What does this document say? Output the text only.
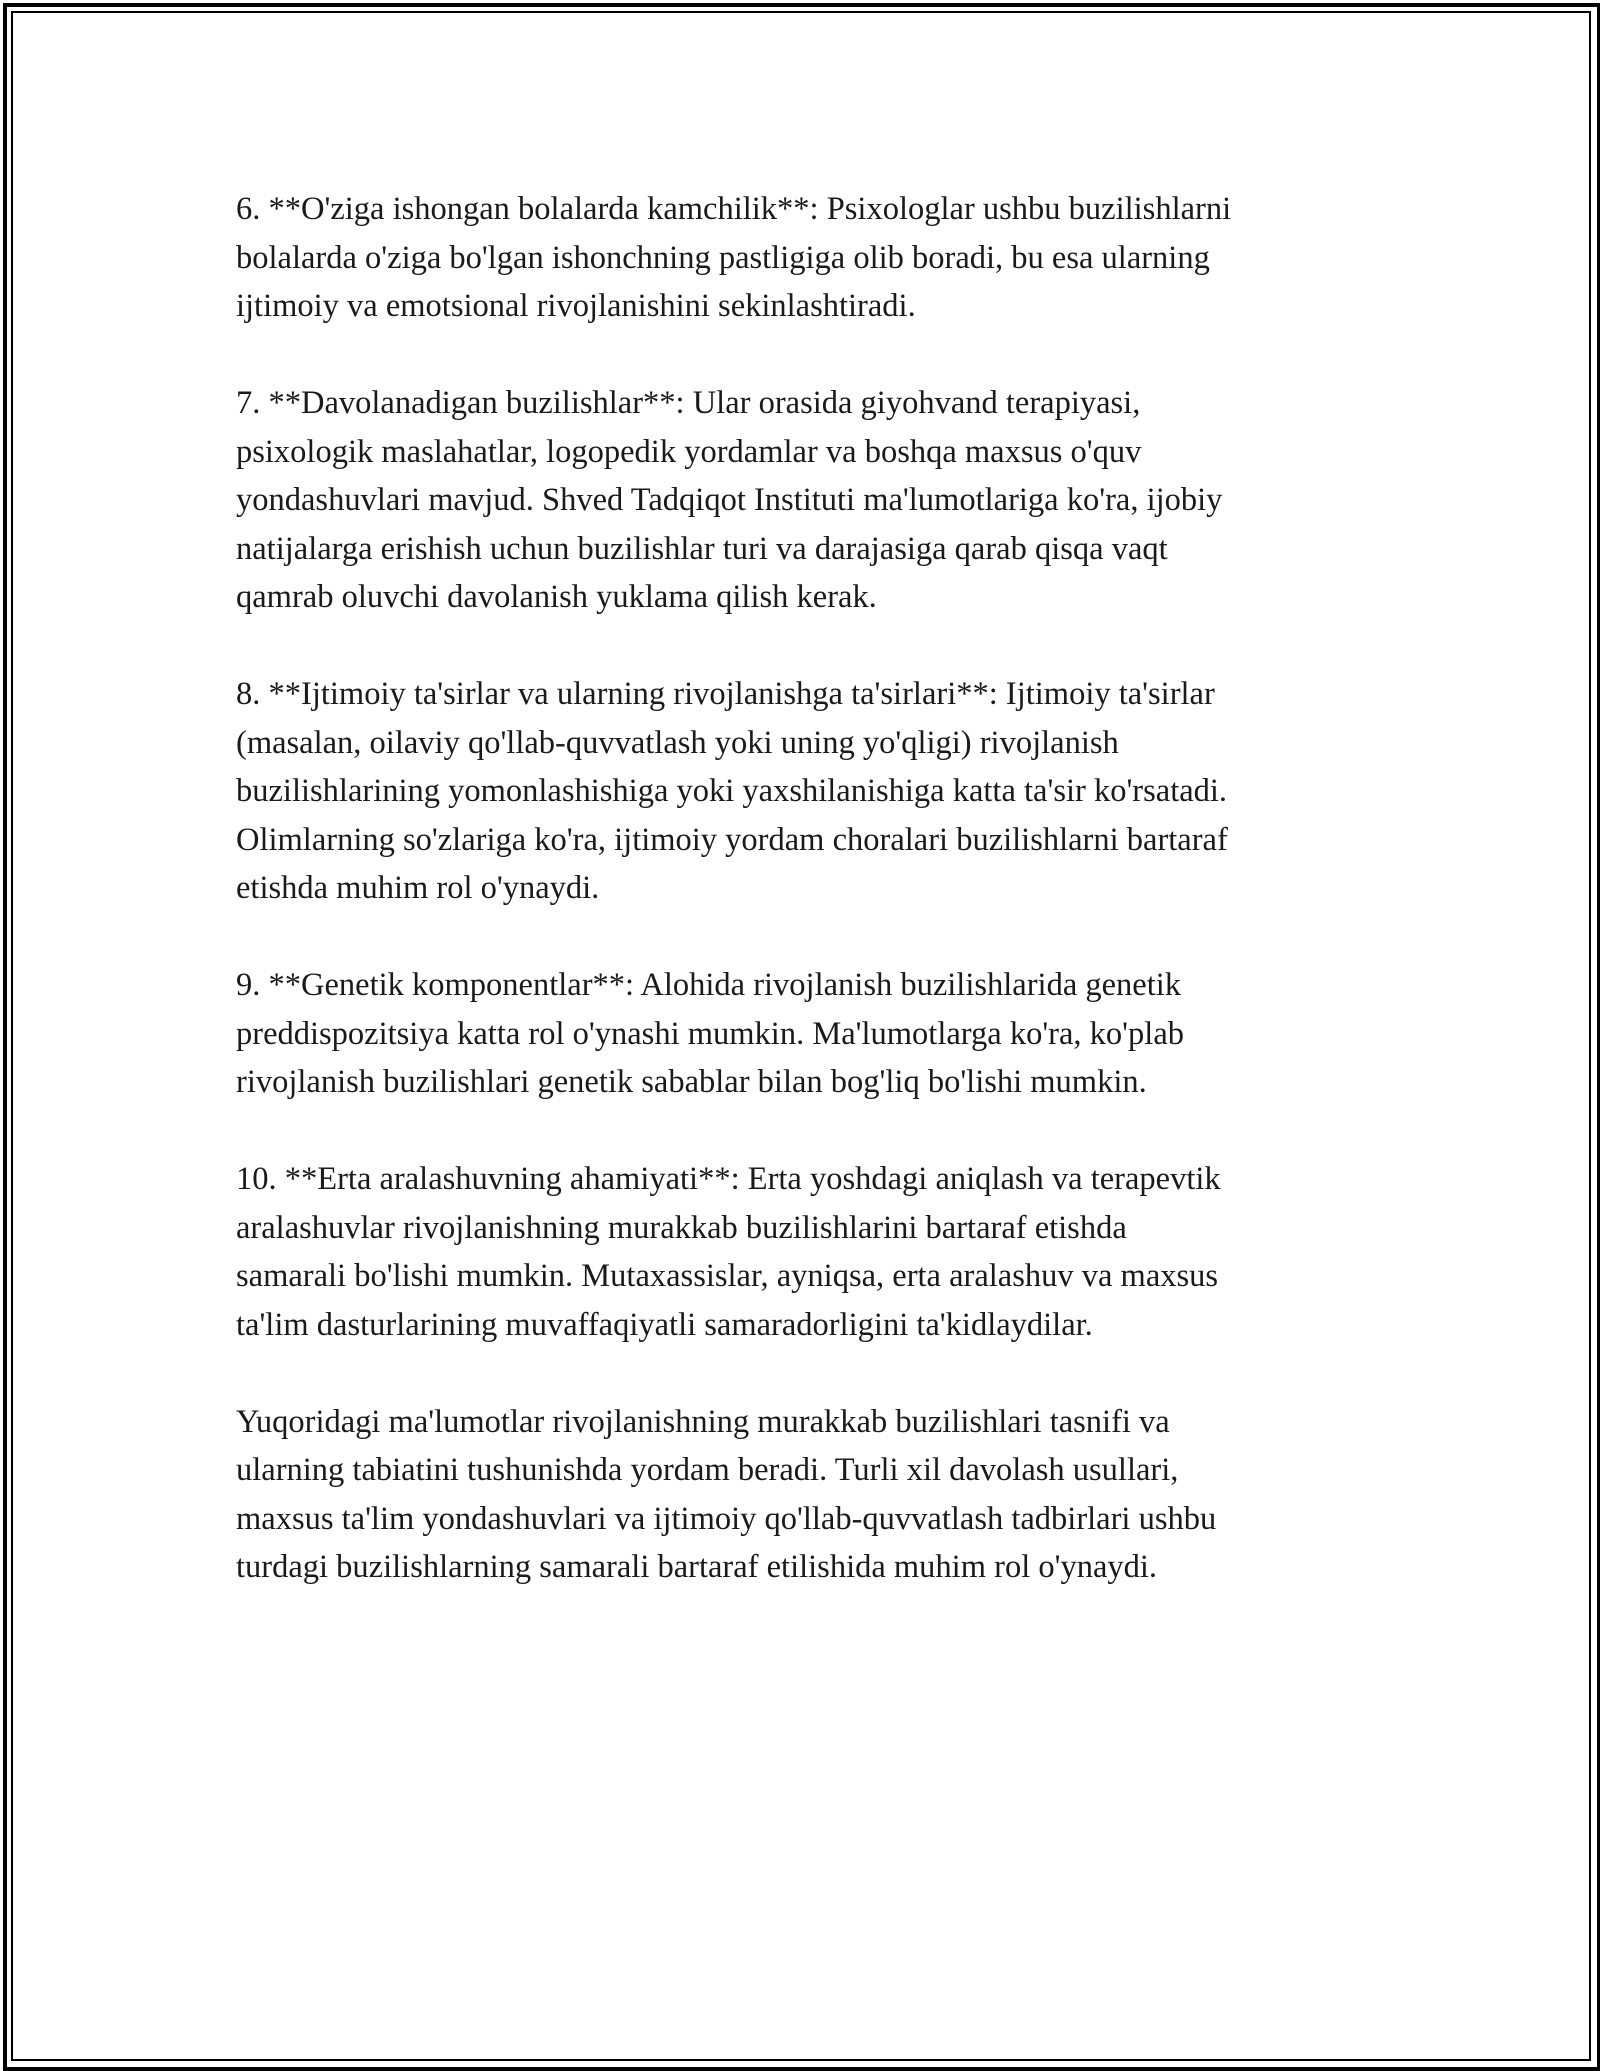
6. **O'ziga ishongan bolalarda kamchilik**: Psixologlar ushbu buzilishlarni
bolalarda o'ziga bo'lgan ishonchning pastligiga olib boradi, bu esa ularning
ijtimoiy va emotsional rivojlanishini sekinlashtiradi.

7. **Davolanadigan buzilishlar**: Ular orasida giyohvand terapiyasi,
psixologik maslahatlar, logopedik yordamlar va boshqa maxsus o'quv
yondashuvlari mavjud. Shved Tadqiqot Instituti ma'lumotlariga ko'ra, ijobiy
natijalarga erishish uchun buzilishlar turi va darajasiga qarab qisqa vaqt
qamrab oluvchi davolanish yuklama qilish kerak.

8. **Ijtimoiy ta'sirlar va ularning rivojlanishga ta'sirlari**: Ijtimoiy ta'sirlar
(masalan, oilaviy qo'llab-quvvatlash yoki uning yo'qligi) rivojlanish
buzilishlarining yomonlashishiga yoki yaxshilanishiga katta ta'sir ko'rsatadi.
Olimlarning so'zlariga ko'ra, ijtimoiy yordam choralari buzilishlarni bartaraf
etishda muhim rol o'ynaydi.

9. **Genetik komponentlar**: Alohida rivojlanish buzilishlarida genetik
preddispozitsiya katta rol o'ynashi mumkin. Ma'lumotlarga ko'ra, ko'plab
rivojlanish buzilishlari genetik sabablar bilan bog'liq bo'lishi mumkin.

10. **Erta aralashuvning ahamiyati**: Erta yoshdagi aniqlash va terapevtik
aralashuvlar rivojlanishning murakkab buzilishlarini bartaraf etishda
samarali bo'lishi mumkin. Mutaxassislar, ayniqsa, erta aralashuv va maxsus
ta'lim dasturlarining muvaffaqiyatli samaradorligini ta'kidlaydilar.

Yuqoridagi ma'lumotlar rivojlanishning murakkab buzilishlari tasnifi va
ularning tabiatini tushunishda yordam beradi. Turli xil davolash usullari,
maxsus ta'lim yondashuvlari va ijtimoiy qo'llab-quvvatlash tadbirlari ushbu
turdagi buzilishlarning samarali bartaraf etilishida muhim rol o'ynaydi.
